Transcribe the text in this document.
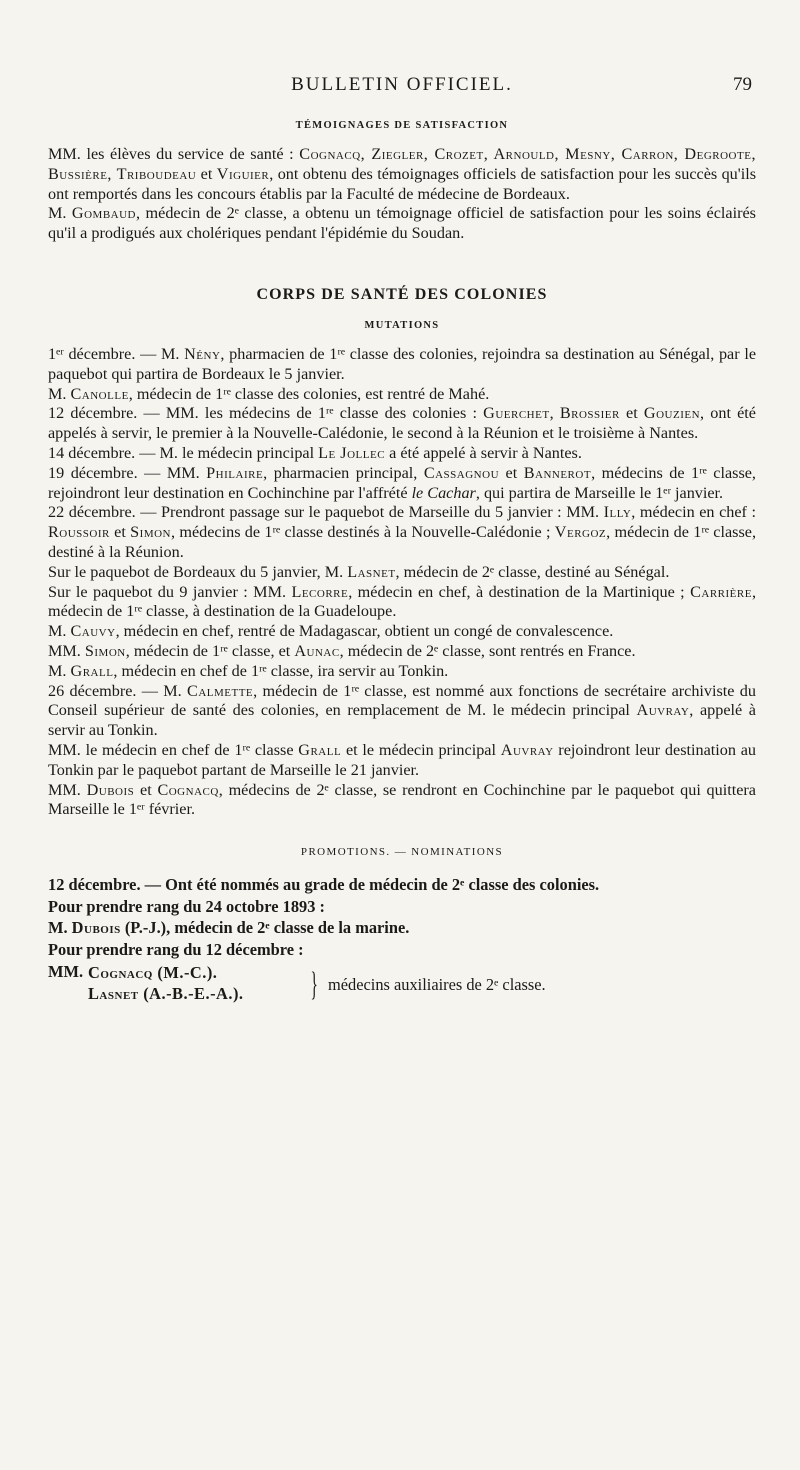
BULLETIN OFFICIEL.	79
TÉMOIGNAGES DE SATISFACTION

MM. les élèves du service de santé : Cognacq, Ziegler, Crozet, Arnould, Mesny, Carron, Degroote, Bussière, Triboudeau et Viguier, ont obtenu des témoignages officiels de satisfaction pour les succès qu'ils ont remportés dans les concours établis par la Faculté de médecine de Bordeaux.

M. Gombaud, médecin de 2ᵉ classe, a obtenu un témoignage officiel de satisfaction pour les soins éclairés qu'il a prodigués aux cholériques pendant l'épidémie du Soudan.

CORPS DE SANTÉ DES COLONIES
MUTATIONS

1ᵉʳ décembre. — M. Nény, pharmacien de 1ʳᵉ classe des colonies, rejoindra sa destination au Sénégal, par le paquebot qui partira de Bordeaux le 5 janvier.

M. Canolle, médecin de 1ʳᵉ classe des colonies, est rentré de Mahé.

12 décembre. — MM. les médecins de 1ʳᵉ classe des colonies : Guerchet, Brossier et Gouzien, ont été appelés à servir, le premier à la Nouvelle-Calédonie, le second à la Réunion et le troisième à Nantes.

14 décembre. — M. le médecin principal Le Jollec a été appelé à servir à Nantes.

19 décembre. — MM. Philaire, pharmacien principal, Cassagnou et Bannerot, médecins de 1ʳᵉ classe, rejoindront leur destination en Cochinchine par l'affrété le Cachar, qui partira de Marseille le 1ᵉʳ janvier.

22 décembre. — Prendront passage sur le paquebot de Marseille du 5 janvier : MM. Illy, médecin en chef : Roussoir et Simon, médecins de 1ʳᵉ classe destinés à la Nouvelle-Calédonie ; Vergoz, médecin de 1ʳᵉ classe, destiné à la Réunion.

Sur le paquebot de Bordeaux du 5 janvier, M. Lasnet, médecin de 2ᵉ classe, destiné au Sénégal.

Sur le paquebot du 9 janvier : MM. Lecorre, médecin en chef, à destination de la Martinique ; Carrière, médecin de 1ʳᵉ classe, à destination de la Guadeloupe.

M. Cauvy, médecin en chef, rentré de Madagascar, obtient un congé de convalescence.

MM. Simon, médecin de 1ʳᵉ classe, et Aunac, médecin de 2ᵉ classe, sont rentrés en France.

M. Grall, médecin en chef de 1ʳᵉ classe, ira servir au Tonkin.

26 décembre. — M. Calmette, médecin de 1ʳᵉ classe, est nommé aux fonctions de secrétaire archiviste du Conseil supérieur de santé des colonies, en remplacement de M. le médecin principal Auvray, appelé à servir au Tonkin.

MM. le médecin en chef de 1ʳᵉ classe Grall et le médecin principal Auvray rejoindront leur destination au Tonkin par le paquebot partant de Marseille le 21 janvier.

MM. Dubois et Cognacq, médecins de 2ᵉ classe, se rendront en Cochinchine par le paquebot qui quittera Marseille le 1ᵉʳ février.

PROMOTIONS. — NOMINATIONS

12 décembre. — Ont été nommés au grade de médecin de 2ᵉ classe des colonies.

Pour prendre rang du 24 octobre 1893 :

M. Dubois (P.-J.), médecin de 2ᵉ classe de la marine.

Pour prendre rang du 12 décembre :

MM. Cognacq (M.-C.).
Lasnet (A.-B.-E.-A.). } médecins auxiliaires de 2ᵉ classe.
